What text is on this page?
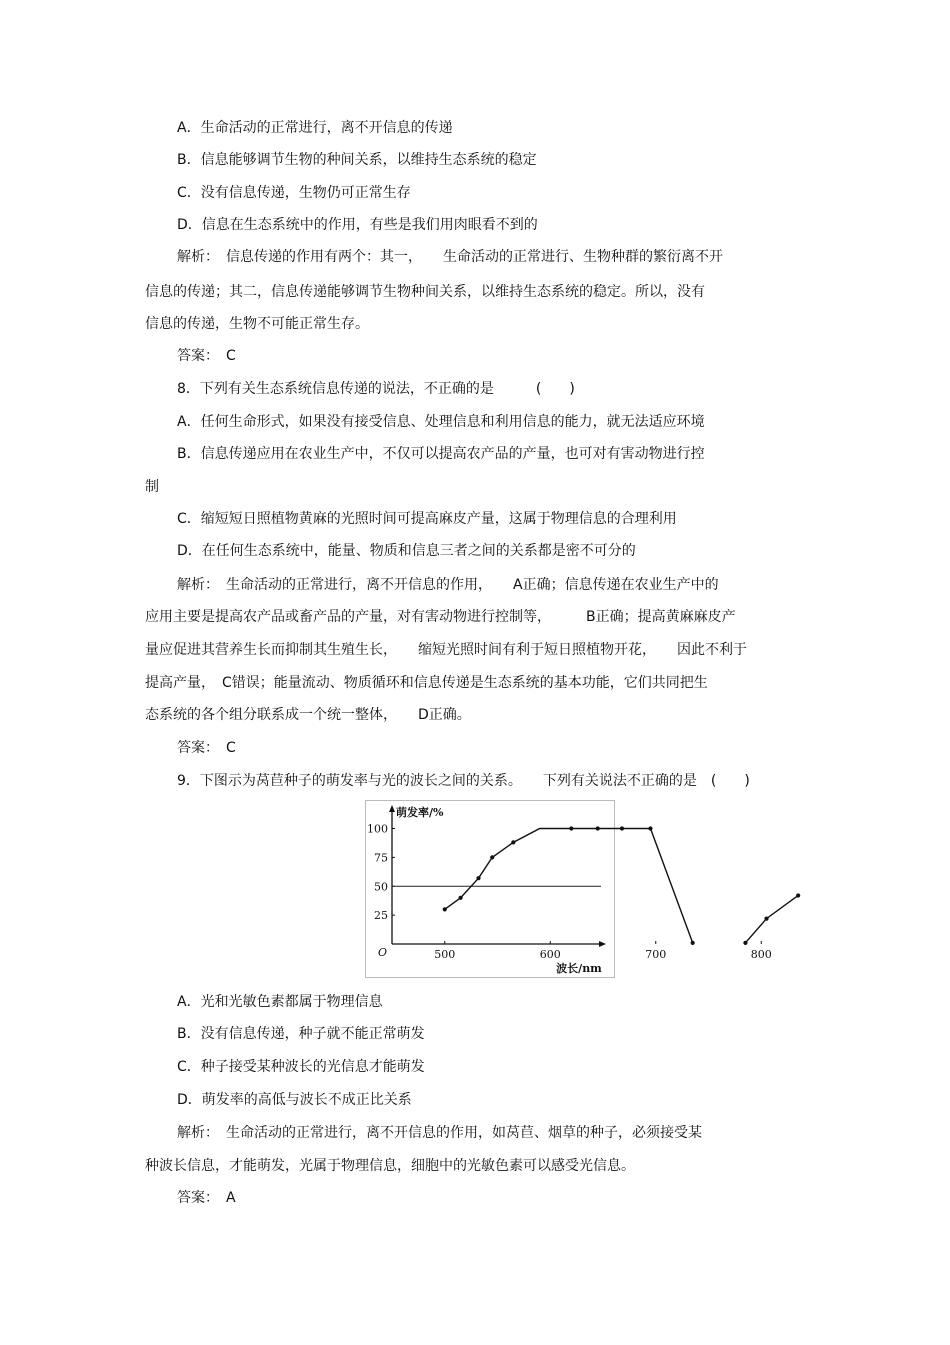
A．生命活动的正常进行，离不开信息的传递
B．信息能够调节生物的种间关系，以维持生态系统的稳定
C．没有信息传递，生物仍可正常生存
D．信息在生态系统中的作用，有些是我们用肉眼看不到的
解析：　信息传递的作用有两个：其一，　　生命活动的正常进行、生物种群的繁衍离不开
信息的传递；其二，信息传递能够调节生物种间关系，以维持生态系统的稳定。所以，没有
信息的传递，生物不可能正常生存。
答案：　C
8．下列有关生态系统信息传递的说法，不正确的是　　　(　　)
A．任何生命形式，如果没有接受信息、处理信息和利用信息的能力，就无法适应环境
B．信息传递应用在农业生产中，不仅可以提高农产品的产量，也可对有害动物进行控
制
C．缩短短日照植物黄麻的光照时间可提高麻皮产量，这属于物理信息的合理利用
D．在任何生态系统中，能量、物质和信息三者之间的关系都是密不可分的
解析：　生命活动的正常进行，离不开信息的作用，　　A正确；信息传递在农业生产中的
应用主要是提高农产品或畜产品的产量，对有害动物进行控制等，　　　B正确；提高黄麻麻皮产
量应促进其营养生长而抑制其生殖生长，　　缩短光照时间有利于短日照植物开花，　　因此不利于
提高产量，　C错误；能量流动、物质循环和信息传递是生态系统的基本功能，它们共同把生
态系统的各个组分联系成一个统一整体，　　D正确。
答案：　C
9．下图示为莴苣种子的萌发率与光的波长之间的关系。　　下列有关说法不正确的是　(　　)
500	600	700	800
25
50
75
100
萌发率/%
波长/nm
O
A．光和光敏色素都属于物理信息
B．没有信息传递，种子就不能正常萌发
C．种子接受某种波长的光信息才能萌发
D．萌发率的高低与波长不成正比关系
解析：　生命活动的正常进行，离不开信息的作用，如莴苣、烟草的种子，必须接受某
种波长信息，才能萌发，光属于物理信息，细胞中的光敏色素可以感受光信息。
答案：　A
